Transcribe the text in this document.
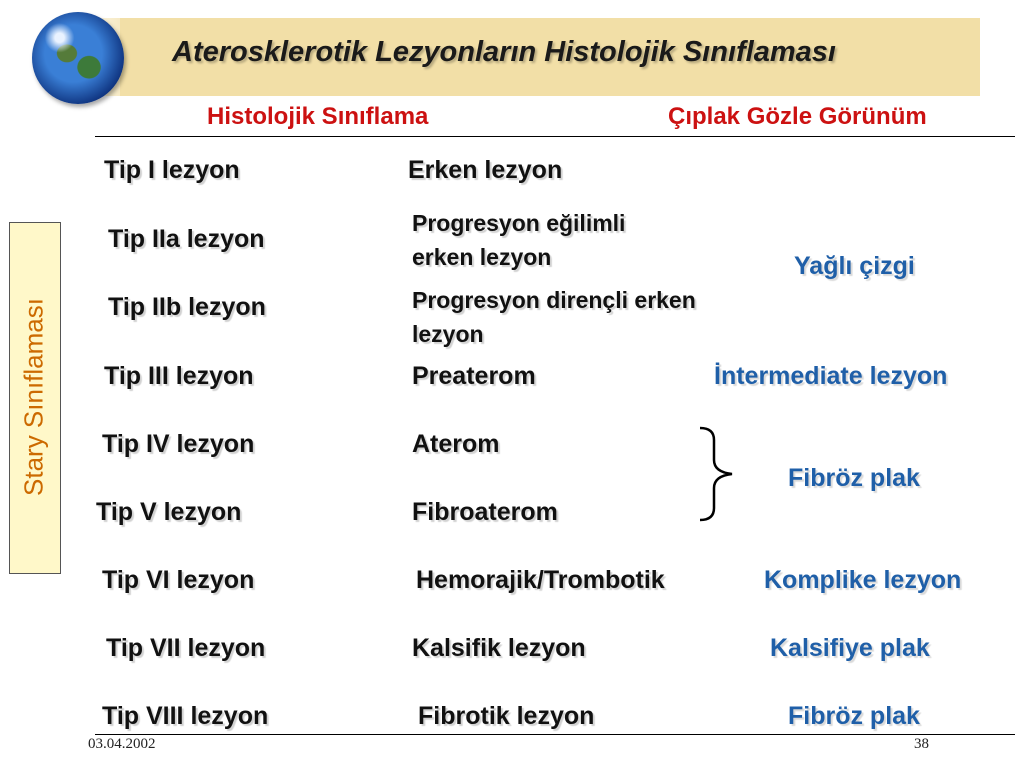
Aterosklerotik Lezyonların Histolojik Sınıflaması
Histolojik Sınıflama	Çıplak Gözle Görünüm
Stary Sınıflaması
Tip I lezyon
Tip IIa lezyon
Tip IIb lezyon
Tip III lezyon
Tip IV lezyon
Tip V lezyon
Tip VI lezyon
Tip VII lezyon
Tip VIII lezyon
Erken lezyon
Progresyon eğilimli erken lezyon
Progresyon dirençli erken lezyon
Preaterom
Aterom
Fibroaterom
Hemorajik/Trombotik
Kalsifik lezyon
Fibrotik lezyon
Yağlı çizgi
İntermediate lezyon
Fibröz plak
Komplike lezyon
Kalsifiye plak
Fibröz plak
03.04.2002	38
